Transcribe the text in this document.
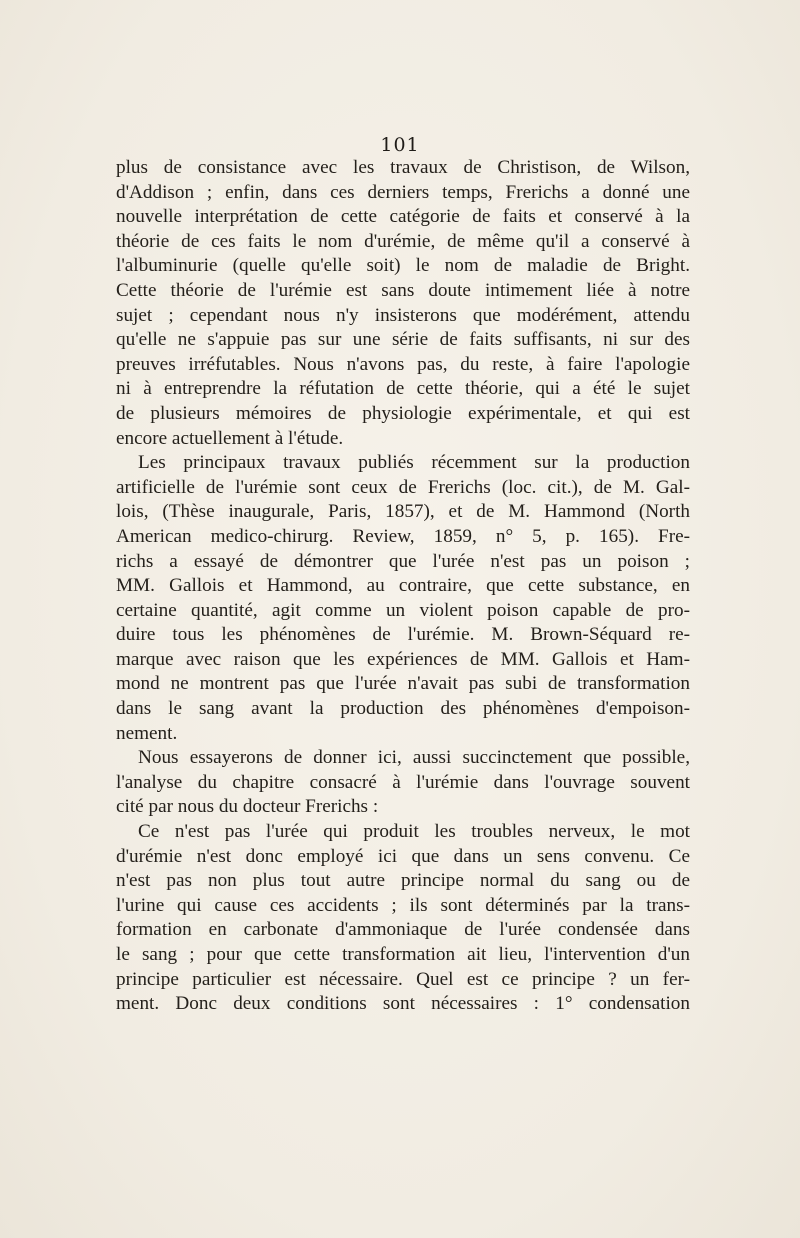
101
plus de consistance avec les travaux de Christison, de Wilson,
d'Addison ; enfin, dans ces derniers temps, Frerichs a donné une
nouvelle interprétation de cette catégorie de faits et conservé à la
théorie de ces faits le nom d'urémie, de même qu'il a conservé à
l'albuminurie (quelle qu'elle soit) le nom de maladie de Bright.
Cette théorie de l'urémie est sans doute intimement liée à notre
sujet ; cependant nous n'y insisterons que modérément, attendu
qu'elle ne s'appuie pas sur une série de faits suffisants, ni sur des
preuves irréfutables. Nous n'avons pas, du reste, à faire l'apologie
ni à entreprendre la réfutation de cette théorie, qui a été le sujet
de plusieurs mémoires de physiologie expérimentale, et qui est
encore actuellement à l'étude.
Les principaux travaux publiés récemment sur la production
artificielle de l'urémie sont ceux de Frerichs (loc. cit.), de M. Gal-
lois, (Thèse inaugurale, Paris, 1857), et de M. Hammond (North
American medico-chirurg. Review, 1859, n° 5, p. 165). Fre-
richs a essayé de démontrer que l'urée n'est pas un poison ;
MM. Gallois et Hammond, au contraire, que cette substance, en
certaine quantité, agit comme un violent poison capable de pro-
duire tous les phénomènes de l'urémie. M. Brown-Séquard re-
marque avec raison que les expériences de MM. Gallois et Ham-
mond ne montrent pas que l'urée n'avait pas subi de transformation
dans le sang avant la production des phénomènes d'empoison-
nement.
Nous essayerons de donner ici, aussi succinctement que possible,
l'analyse du chapitre consacré à l'urémie dans l'ouvrage souvent
cité par nous du docteur Frerichs :
Ce n'est pas l'urée qui produit les troubles nerveux, le mot
d'urémie n'est donc employé ici que dans un sens convenu. Ce
n'est pas non plus tout autre principe normal du sang ou de
l'urine qui cause ces accidents ; ils sont déterminés par la trans-
formation en carbonate d'ammoniaque de l'urée condensée dans
le sang ; pour que cette transformation ait lieu, l'intervention d'un
principe particulier est nécessaire. Quel est ce principe ? un fer-
ment. Donc deux conditions sont nécessaires : 1° condensation
